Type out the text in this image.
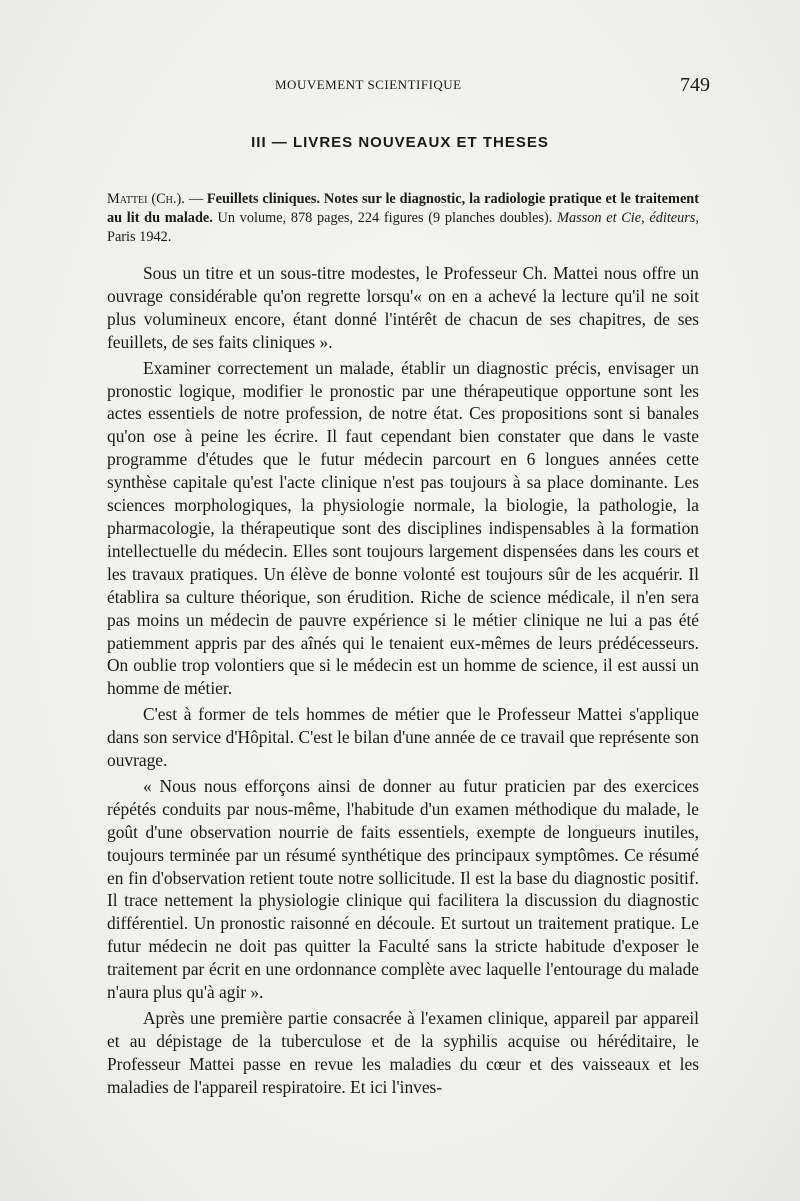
MOUVEMENT SCIENTIFIQUE	749
III — LIVRES NOUVEAUX ET THESES
Mattei (Ch.). — Feuillets cliniques. Notes sur le diagnostic, la radiologie pratique et le traitement au lit du malade. Un volume, 878 pages, 224 figures (9 planches doubles). Masson et Cie, éditeurs, Paris 1942.

Sous un titre et un sous-titre modestes, le Professeur Ch. Mattei nous offre un ouvrage considérable qu'on regrette lorsqu'« on en a achevé la lecture qu'il ne soit plus volumineux encore, étant donné l'intérêt de chacun de ses chapitres, de ses feuillets, de ses faits cliniques ».

Examiner correctement un malade, établir un diagnostic précis, envisager un pronostic logique, modifier le pronostic par une thérapeutique opportune sont les actes essentiels de notre profession, de notre état. Ces propositions sont si banales qu'on ose à peine les écrire. Il faut cependant bien constater que dans le vaste programme d'études que le futur médecin parcourt en 6 longues années cette synthèse capitale qu'est l'acte clinique n'est pas toujours à sa place dominante. Les sciences morphologiques, la physiologie normale, la biologie, la pathologie, la pharmacologie, la thérapeutique sont des disciplines indispensables à la formation intellectuelle du médecin. Elles sont toujours largement dispensées dans les cours et les travaux pratiques. Un élève de bonne volonté est toujours sûr de les acquérir. Il établira sa culture théorique, son érudition. Riche de science médicale, il n'en sera pas moins un médecin de pauvre expérience si le métier clinique ne lui a pas été patiemment appris par des aînés qui le tenaient eux-mêmes de leurs prédécesseurs. On oublie trop volontiers que si le médecin est un homme de science, il est aussi un homme de métier.

C'est à former de tels hommes de métier que le Professeur Mattei s'applique dans son service d'Hôpital. C'est le bilan d'une année de ce travail que représente son ouvrage.

« Nous nous efforçons ainsi de donner au futur praticien par des exercices répétés conduits par nous-même, l'habitude d'un examen méthodique du malade, le goût d'une observation nourrie de faits essentiels, exempte de longueurs inutiles, toujours terminée par un résumé synthétique des principaux symptômes. Ce résumé en fin d'observation retient toute notre sollicitude. Il est la base du diagnostic positif. Il trace nettement la physiologie clinique qui facilitera la discussion du diagnostic différentiel. Un pronostic raisonné en découle. Et surtout un traitement pratique. Le futur médecin ne doit pas quitter la Faculté sans la stricte habitude d'exposer le traitement par écrit en une ordonnance complète avec laquelle l'entourage du malade n'aura plus qu'à agir ».

Après une première partie consacrée à l'examen clinique, appareil par appareil et au dépistage de la tuberculose et de la syphilis acquise ou héréditaire, le Professeur Mattei passe en revue les maladies du cœur et des vaisseaux et les maladies de l'appareil respiratoire. Et ici l'inves-
